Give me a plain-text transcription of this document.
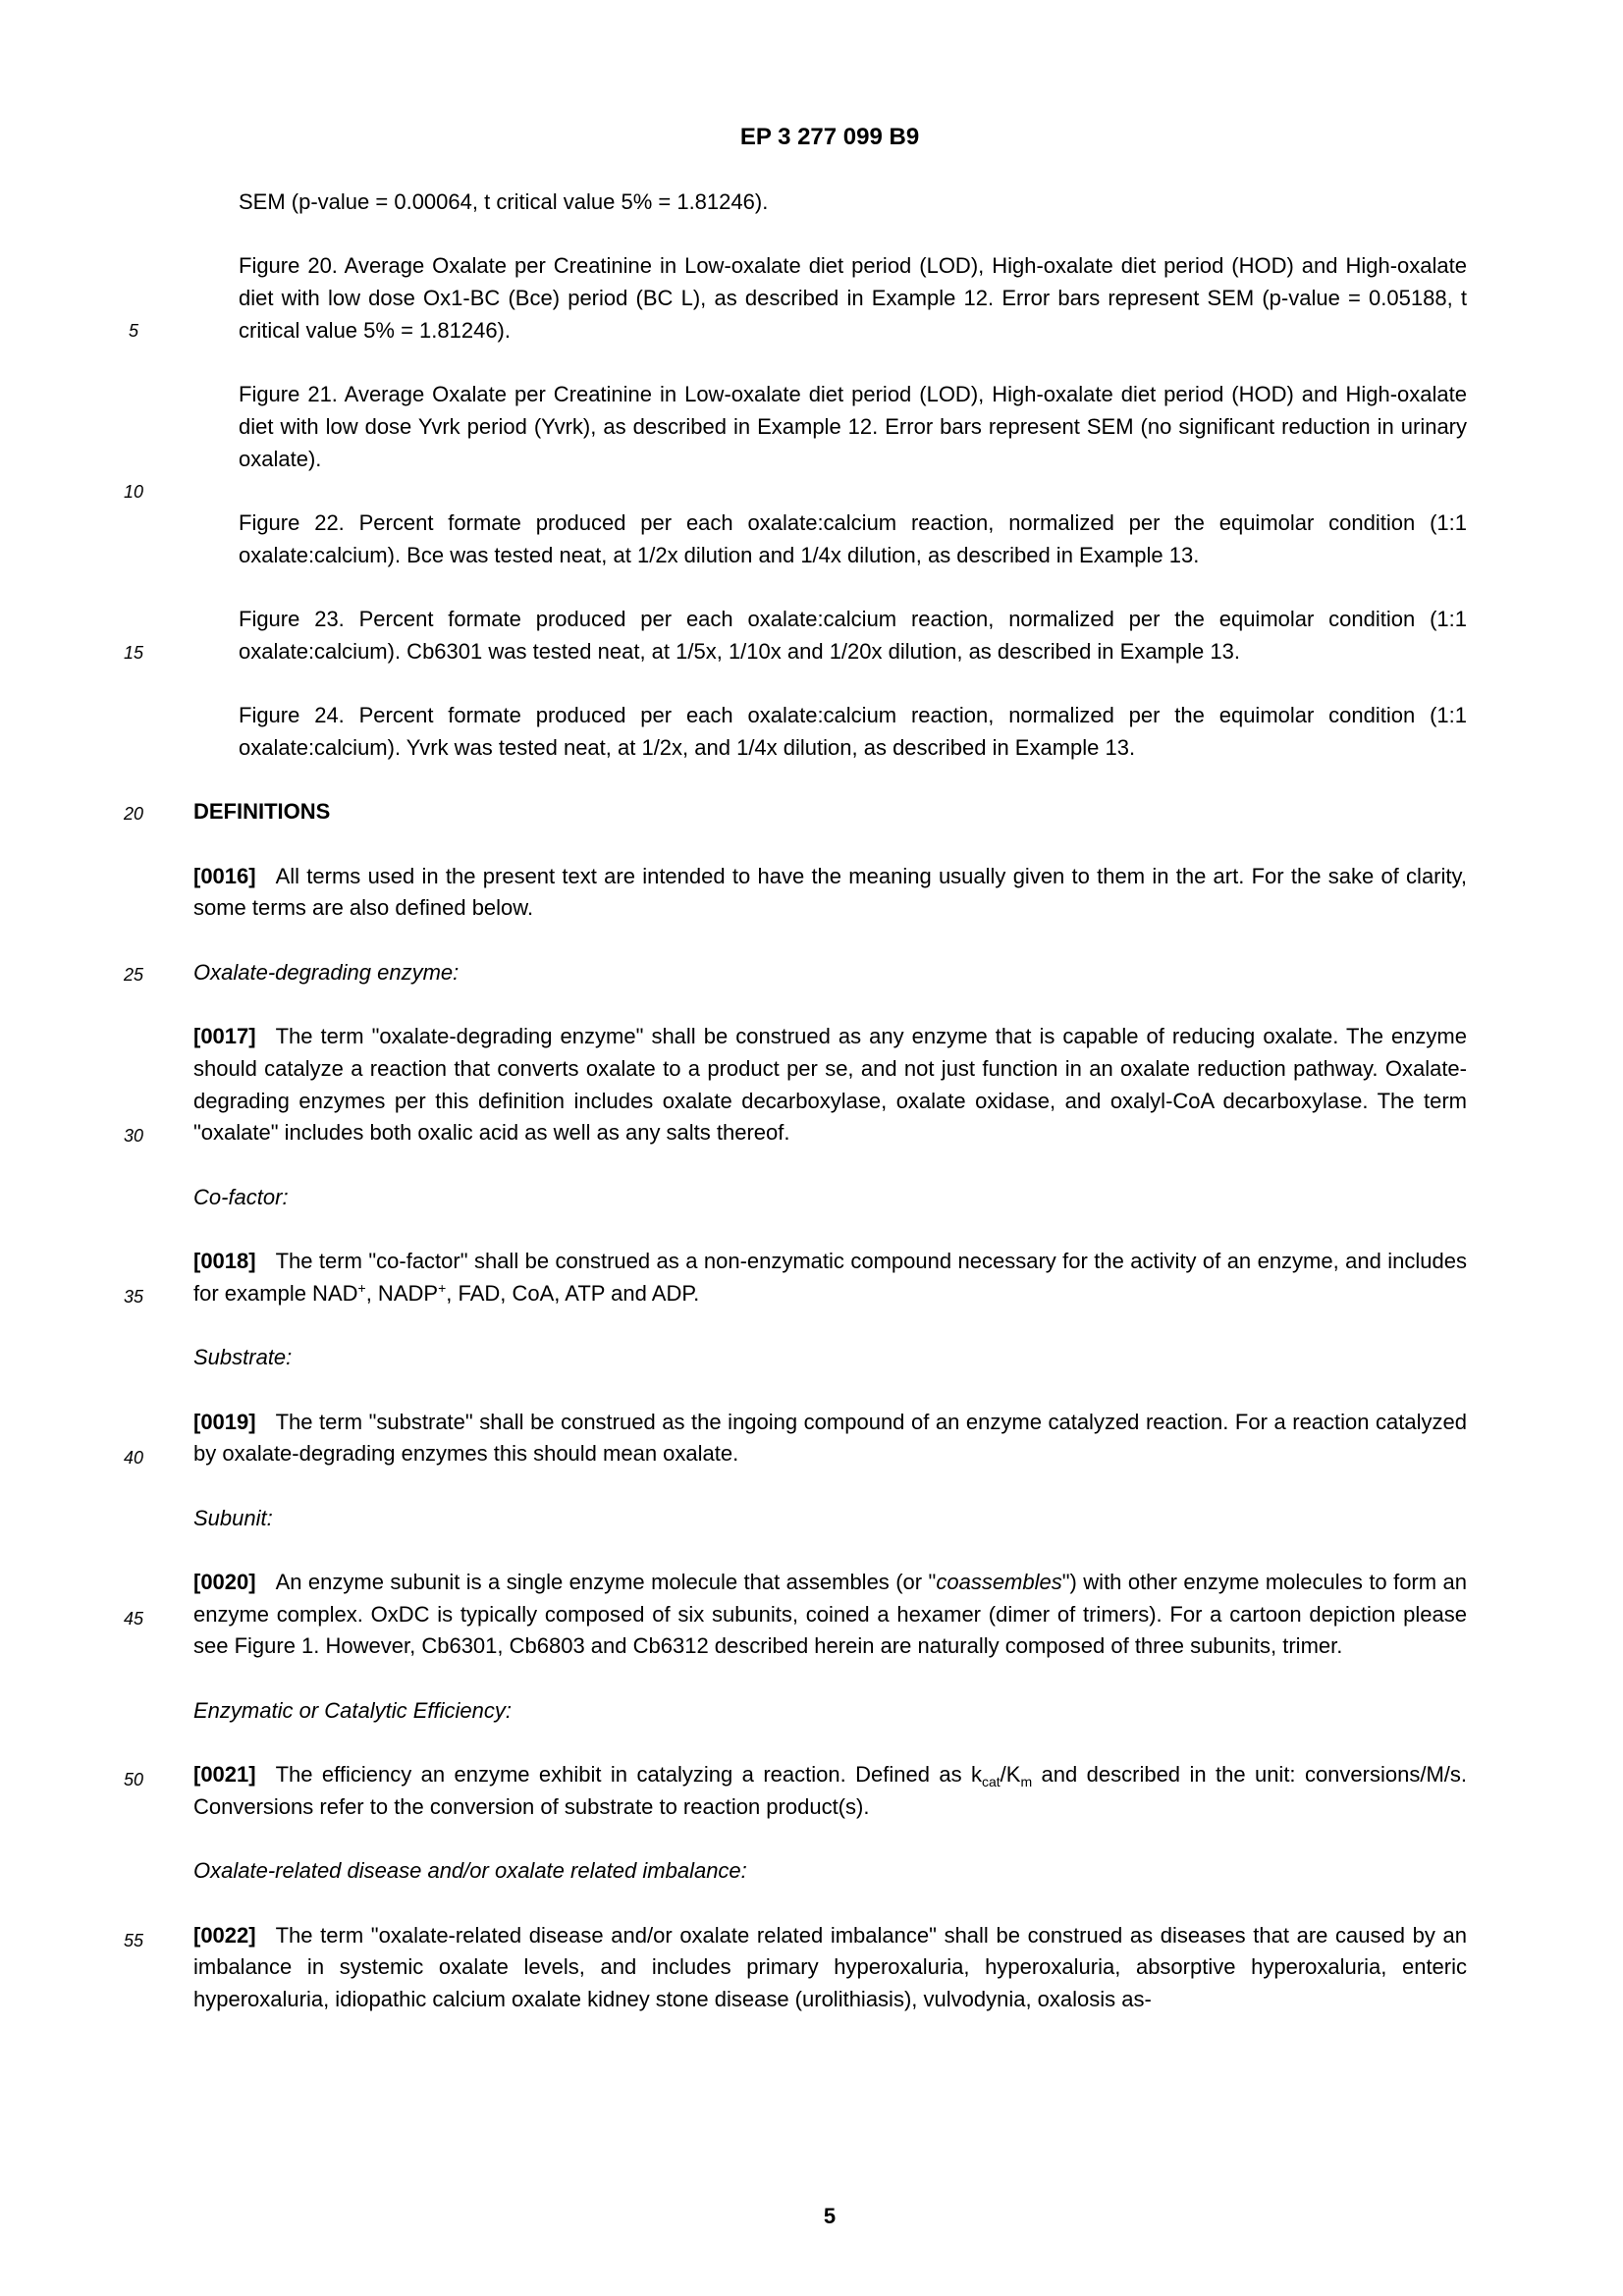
EP 3 277 099 B9
5
10
15
20
25
30
35
40
45
50
55

SEM (p-value = 0.00064, t critical value 5% = 1.81246).

Figure 20. Average Oxalate per Creatinine in Low-oxalate diet period (LOD), High-oxalate diet period (HOD) and High-oxalate diet with low dose Ox1-BC (Bce) period (BC L), as described in Example 12. Error bars represent SEM (p-value = 0.05188, t critical value 5% = 1.81246).

Figure 21. Average Oxalate per Creatinine in Low-oxalate diet period (LOD), High-oxalate diet period (HOD) and High-oxalate diet with low dose Yvrk period (Yvrk), as described in Example 12. Error bars represent SEM (no significant reduction in urinary oxalate).

Figure 22. Percent formate produced per each oxalate:calcium reaction, normalized per the equimolar condition (1:1 oxalate:calcium). Bce was tested neat, at 1/2x dilution and 1/4x dilution, as described in Example 13.

Figure 23. Percent formate produced per each oxalate:calcium reaction, normalized per the equimolar condition (1:1 oxalate:calcium). Cb6301 was tested neat, at 1/5x, 1/10x and 1/20x dilution, as described in Example 13.

Figure 24. Percent formate produced per each oxalate:calcium reaction, normalized per the equimolar condition (1:1 oxalate:calcium). Yvrk was tested neat, at 1/2x, and 1/4x dilution, as described in Example 13.

DEFINITIONS

[0016] All terms used in the present text are intended to have the meaning usually given to them in the art. For the sake of clarity, some terms are also defined below.

Oxalate-degrading enzyme:

[0017] The term "oxalate-degrading enzyme" shall be construed as any enzyme that is capable of reducing oxalate. The enzyme should catalyze a reaction that converts oxalate to a product per se, and not just function in an oxalate reduction pathway. Oxalate-degrading enzymes per this definition includes oxalate decarboxylase, oxalate oxidase, and oxalyl-CoA decarboxylase. The term "oxalate" includes both oxalic acid as well as any salts thereof.

Co-factor:

[0018] The term "co-factor" shall be construed as a non-enzymatic compound necessary for the activity of an enzyme, and includes for example NAD+, NADP+, FAD, CoA, ATP and ADP.

Substrate:

[0019] The term "substrate" shall be construed as the ingoing compound of an enzyme catalyzed reaction. For a reaction catalyzed by oxalate-degrading enzymes this should mean oxalate.

Subunit:

[0020] An enzyme subunit is a single enzyme molecule that assembles (or "coassembles") with other enzyme molecules to form an enzyme complex. OxDC is typically composed of six subunits, coined a hexamer (dimer of trimers). For a cartoon depiction please see Figure 1. However, Cb6301, Cb6803 and Cb6312 described herein are naturally composed of three subunits, trimer.

Enzymatic or Catalytic Efficiency:

[0021] The efficiency an enzyme exhibit in catalyzing a reaction. Defined as $k_{cat}/K_m$ and described in the unit: conversions/M/s. Conversions refer to the conversion of substrate to reaction product(s).

Oxalate-related disease and/or oxalate related imbalance:

[0022] The term "oxalate-related disease and/or oxalate related imbalance" shall be construed as diseases that are caused by an imbalance in systemic oxalate levels, and includes primary hyperoxaluria, hyperoxaluria, absorptive hyperoxaluria, enteric hyperoxaluria, idiopathic calcium oxalate kidney stone disease (urolithiasis), vulvodynia, oxalosis as-

5
